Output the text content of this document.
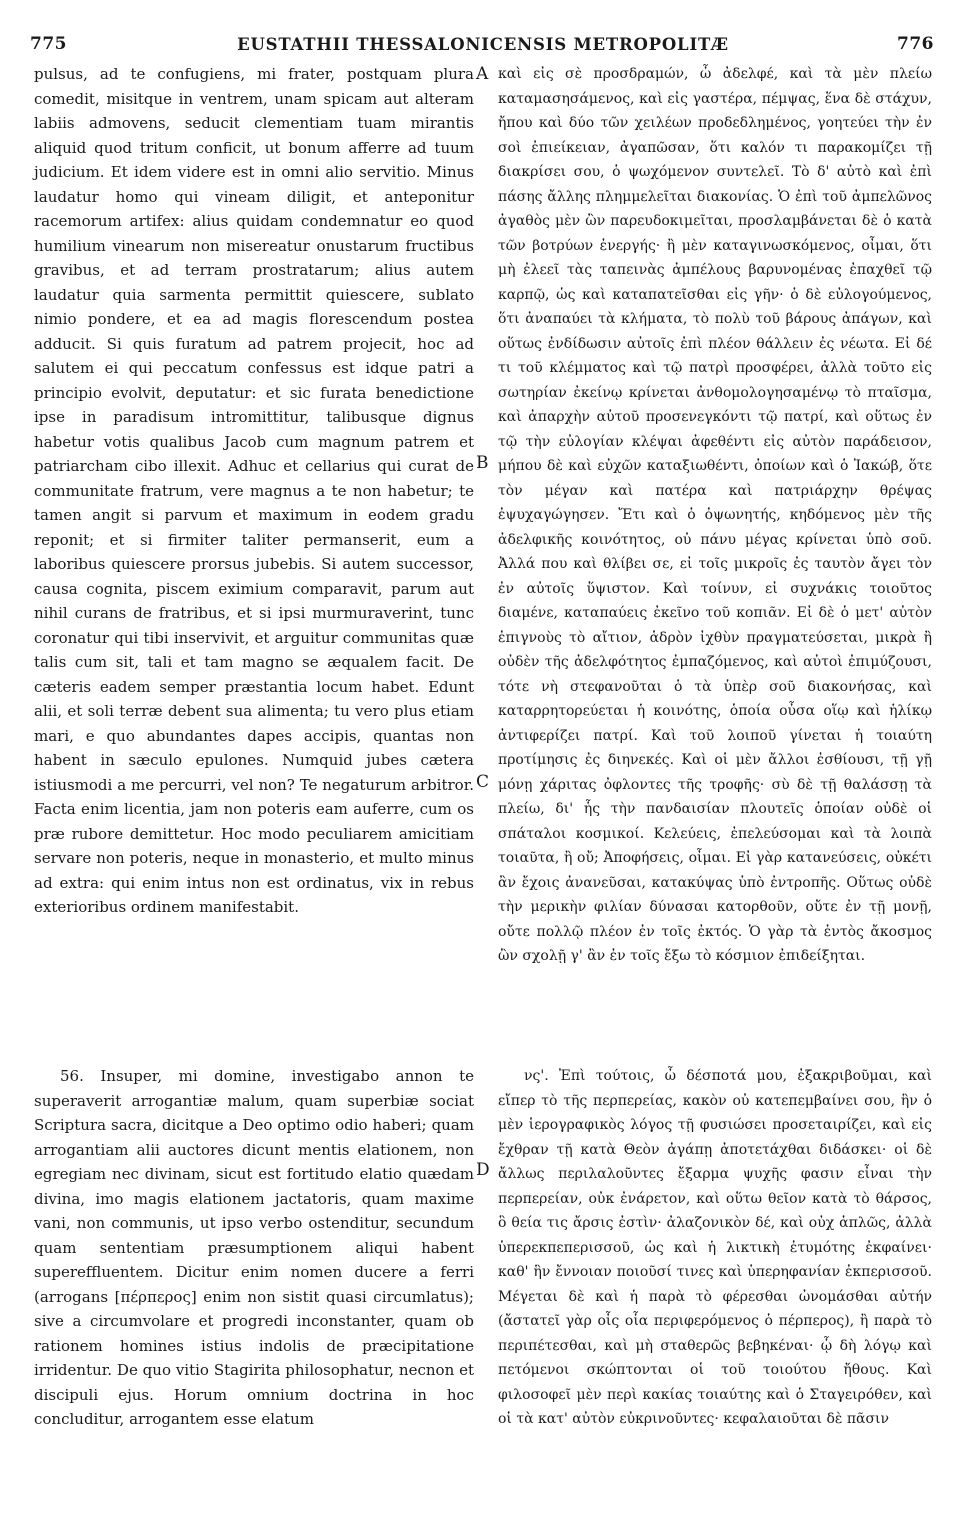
775	EUSTATHII THESSALONICENSIS METROPOLITÆ	776
A
B
C
D

pulsus, ad te confugiens, mi frater, postquam plura comedit, misitque in ventrem, unam spicam aut alteram labiis admovens, seducit clementiam tuam mirantis aliquid quod tritum conficit, ut bonum afferre ad tuum judicium. Et idem videre est in omni alio servitio. Minus laudatur homo qui vineam diligit, et anteponitur racemorum artifex: alius quidam condemnatur eo quod humilium vinearum non misereatur onustarum fructibus gravibus, et ad terram prostratarum; alius autem laudatur quia sarmenta permittit quiescere, sublato nimio pondere, et ea ad magis florescendum postea adducit. Si quis furatum ad patrem projecit, hoc ad salutem ei qui peccatum confessus est idque patri a principio evolvit, deputatur: et sic furata benedictione ipse in paradisum intromittitur, talibusque dignus habetur votis qualibus Jacob cum magnum patrem et patriarcham cibo illexit. Adhuc et cellarius qui curat de communitate fratrum, vere magnus a te non habetur; te tamen angit si parvum et maximum in eodem gradu reponit; et si firmiter taliter permanserit, eum a laboribus quiescere prorsus jubebis. Si autem successor, causa cognita, piscem eximium comparavit, parum aut nihil curans de fratribus, et si ipsi murmuraverint, tunc coronatur qui tibi inservivit, et arguitur communitas quæ talis cum sit, tali et tam magno se æqualem facit. De cæteris eadem semper præstantia locum habet. Edunt alii, et soli terræ debent sua alimenta; tu vero plus etiam mari, e quo abundantes dapes accipis, quantas non habent in sæculo epulones. Numquid jubes cætera istiusmodi a me percurri, vel non? Te negaturum arbitror. Facta enim licentia, jam non poteris eam auferre, cum os præ rubore demittetur. Hoc modo peculiarem amicitiam servare non poteris, neque in monasterio, et multo minus ad extra: qui enim intus non est ordinatus, vix in rebus exterioribus ordinem manifestabit.

56. Insuper, mi domine, investigabo annon te superaverit arrogantiæ malum, quam superbiæ sociat Scriptura sacra, dicitque a Deo optimo odio haberi; quam arrogantiam alii auctores dicunt mentis elationem, non egregiam nec divinam, sicut est fortitudo elatio quædam divina, imo magis elationem jactatoris, quam maxime vani, non communis, ut ipso verbo ostenditur, secundum quam sententiam præsumptionem aliqui habent supereffluentem. Dicitur enim nomen ducere a ferri (arrogans [πέρπερος] enim non sistit quasi circumlatus); sive a circumvolare et progredi inconstanter, quam ob rationem homines istius indolis de præcipitatione irridentur. De quo vitio Stagirita philosophatur, necnon et discipuli ejus. Horum omnium doctrina in hoc concluditur, arrogantem esse elatum

καὶ εἰς σὲ προσδραμών, ὦ ἀδελφέ, καὶ τὰ μὲν πλείω καταμασησάμενος, καὶ εἰς γαστέρα, πέμψας, ἕνα δὲ στάχυν, ἤπου καὶ δύο τῶν χειλέων προδεδλημένος, γοητεύει τὴν ἐν σοὶ ἐπιείκειαν, ἀγαπῶσαν, ὅτι καλόν τι παρακομίζει τῇ διακρίσει σου, ὁ ψωχόμενον συντελεῖ. Τὸ δ' αὐτὸ καὶ ἐπὶ πάσης ἄλλης πλημμελεῖται διακονίας. Ὁ ἐπὶ τοῦ ἀμπελῶνος ἀγαθὸς μὲν ὢν παρευδοκιμεῖται, προσλαμβάνεται δὲ ὁ κατὰ τῶν βοτρύων ἐνεργής· ἢ μὲν καταγινωσκόμενος, οἶμαι, ὅτι μὴ ἐλεεῖ τὰς ταπεινὰς ἀμπέλους βαρυνομένας ἐπαχθεῖ τῷ καρπῷ, ὡς καὶ καταπατεῖσθαι εἰς γῆν· ὁ δὲ εὐλογούμενος, ὅτι ἀναπαύει τὰ κλήματα, τὸ πολὺ τοῦ βάρους ἀπάγων, καὶ οὕτως ἐνδίδωσιν αὐτοῖς ἐπὶ πλέον θάλλειν ἐς νέωτα. Εἰ δέ τι τοῦ κλέμματος καὶ τῷ πατρὶ προσφέρει, ἀλλὰ τοῦτο εἰς σωτηρίαν ἐκείνῳ κρίνεται ἀνθομολογησαμένῳ τὸ πταῖσμα, καὶ ἀπαρχὴν αὐτοῦ προσενεγκόντι τῷ πατρί, καὶ οὕτως ἐν τῷ τὴν εὐλογίαν κλέψαι ἀφεθέντι εἰς αὐτὸν παράδεισον, μήπου δὲ καὶ εὐχῶν καταξιωθέντι, ὁποίων καὶ ὁ Ἰακώβ, ὅτε τὸν μέγαν καὶ πατέρα καὶ πατριάρχην θρέψας ἐψυχαγώγησεν. Ἔτι καὶ ὁ ὀψωνητής, κηδόμενος μὲν τῆς ἀδελφικῆς κοινότητος, οὐ πάνυ μέγας κρίνεται ὑπὸ σοῦ. Ἀλλά που καὶ θλίβει σε, εἰ τοῖς μικροῖς ἐς ταυτὸν ἄγει τὸν ἐν αὐτοῖς ὕψιστον. Καὶ τοίνυν, εἰ συχνάκις τοιοῦτος διαμένε, καταπαύεις ἐκεῖνο τοῦ κοπιᾶν. Εἰ δὲ ὁ μετ' αὐτὸν ἐπιγνοὺς τὸ αἴτιον, ἁδρὸν ἰχθὺν πραγματεύσεται, μικρὰ ἢ οὐδὲν τῆς ἀδελφότητος ἐμπαζόμενος, καὶ αὐτοὶ ἐπιμύζουσι, τότε νὴ στεφανοῦται ὁ τὰ ὑπὲρ σοῦ διακονήσας, καὶ καταρρητορεύεται ἡ κοινότης, ὁποία οὖσα οἵῳ καὶ ἡλίκῳ ἀντιφερίζει πατρί. Καὶ τοῦ λοιποῦ γίνεται ἡ τοιαύτη προτίμησις ἐς διηνεκές. Καὶ οἱ μὲν ἄλλοι ἐσθίουσι, τῇ γῇ μόνῃ χάριτας ὀφλοντες τῆς τροφῆς· σὺ δὲ τῇ θαλάσσῃ τὰ πλείω, δι' ἧς τὴν πανδαισίαν πλουτεῖς ὁποίαν οὐδὲ οἱ σπάταλοι κοσμικοί. Κελεύεις, ἐπελεύσομαι καὶ τὰ λοιπὰ τοιαῦτα, ἢ οὔ; Ἀποφήσεις, οἶμαι. Εἰ γὰρ κατανεύσεις, οὐκέτι ἂν ἔχοις ἀνανεῦσαι, κατακύψας ὑπὸ ἐντροπῆς. Οὕτως οὐδὲ τὴν μερικὴν φιλίαν δύνασαι κατορθοῦν, οὔτε ἐν τῇ μονῇ, οὔτε πολλῷ πλέον ἐν τοῖς ἐκτός. Ὁ γὰρ τὰ ἐντὸς ἄκοσμος ὢν σχολῇ γ' ἂν ἐν τοῖς ἔξω τὸ κόσμιον ἐπιδείξηται.

νς'. Ἐπὶ τούτοις, ὦ δέσποτά μου, ἐξακριβοῦμαι, καὶ εἴπερ τὸ τῆς περπερείας, κακὸν οὐ κατεπεμβαίνει σου, ἣν ὁ μὲν ἱερογραφικὸς λόγος τῇ φυσιώσει προσεταιρίζει, καὶ εἰς ἔχθραν τῇ κατὰ Θεὸν ἀγάπῃ ἀποτετάχθαι διδάσκει· οἱ δὲ ἄλλως περιλαλοῦντες ἔξαρμα ψυχῆς φασιν εἶναι τὴν περπερείαν, οὐκ ἐνάρετον, καὶ οὕτω θεῖον κατὰ τὸ θάρσος, ὃ θεία τις ἄρσις ἐστὶν· ἀλαζονικὸν δέ, καὶ οὐχ ἁπλῶς, ἀλλὰ ὑπερεκπεπερισσοῦ, ὡς καὶ ἡ λικτικὴ ἐτυμότης ἐκφαίνει· καθ' ἣν ἔννοιαν ποιοῦσί τινες καὶ ὑπερηφανίαν ἐκπερισσοῦ. Μέγεται δὲ καὶ ἡ παρὰ τὸ φέρεσθαι ὠνομάσθαι αὐτήν (ἄστατεῖ γὰρ οἷς οἷα περιφερόμενος ὁ πέρπερος), ἢ παρὰ τὸ περιπέτεσθαι, καὶ μὴ σταθερῶς βεβηκέναι· ᾧ δὴ λόγῳ καὶ πετόμενοι σκώπτονται οἱ τοῦ τοιούτου ἤθους. Καὶ φιλοσοφεῖ μὲν περὶ κακίας τοιαύτης καὶ ὁ Σταγειρόθεν, καὶ οἱ τὰ κατ' αὐτὸν εὐκρινοῦντες· κεφαλαιοῦται δὲ πᾶσιν
